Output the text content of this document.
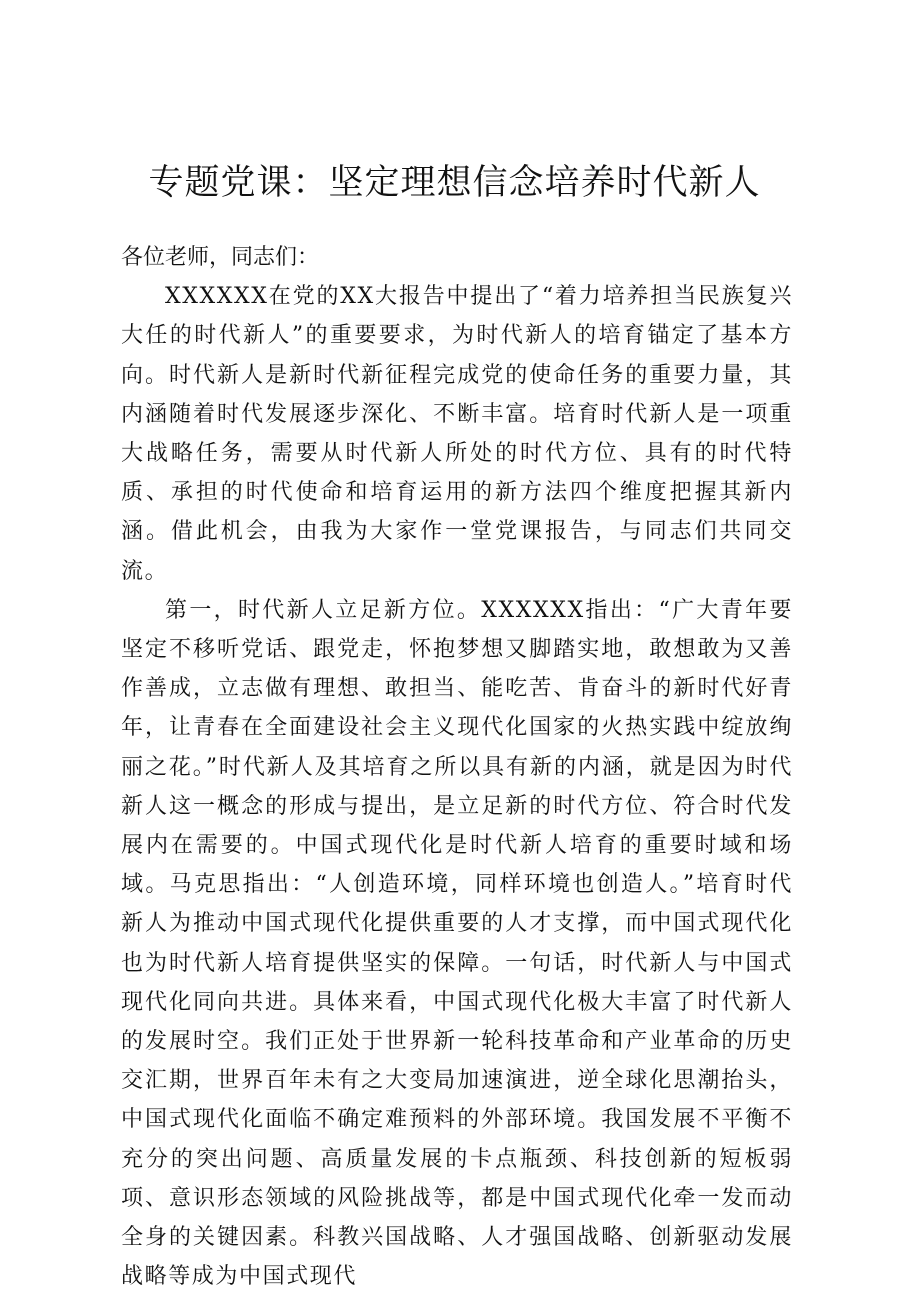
专题党课：坚定理想信念培养时代新人

各位老师，同志们：

XXXXXX在党的XX大报告中提出了“着力培养担当民族复兴大任的时代新人”的重要要求，为时代新人的培育锚定了基本方向。时代新人是新时代新征程完成党的使命任务的重要力量，其内涵随着时代发展逐步深化、不断丰富。培育时代新人是一项重大战略任务，需要从时代新人所处的时代方位、具有的时代特质、承担的时代使命和培育运用的新方法四个维度把握其新内涵。借此机会，由我为大家作一堂党课报告，与同志们共同交流。

第一，时代新人立足新方位。XXXXXX指出：“广大青年要坚定不移听党话、跟党走，怀抱梦想又脚踏实地，敢想敢为又善作善成，立志做有理想、敢担当、能吃苦、肯奋斗的新时代好青年，让青春在全面建设社会主义现代化国家的火热实践中绽放绚丽之花。”时代新人及其培育之所以具有新的内涵，就是因为时代新人这一概念的形成与提出，是立足新的时代方位、符合时代发展内在需要的。中国式现代化是时代新人培育的重要时域和场域。马克思指出：“人创造环境，同样环境也创造人。”培育时代新人为推动中国式现代化提供重要的人才支撑，而中国式现代化也为时代新人培育提供坚实的保障。一句话，时代新人与中国式现代化同向共进。具体来看，中国式现代化极大丰富了时代新人的发展时空。我们正处于世界新一轮科技革命和产业革命的历史交汇期，世界百年未有之大变局加速演进，逆全球化思潮抬头，中国式现代化面临不确定难预料的外部环境。我国发展不平衡不充分的突出问题、高质量发展的卡点瓶颈、科技创新的短板弱项、意识形态领域的风险挑战等，都是中国式现代化牵一发而动全身的关键因素。科教兴国战略、人才强国战略、创新驱动发展战略等成为中国式现代
